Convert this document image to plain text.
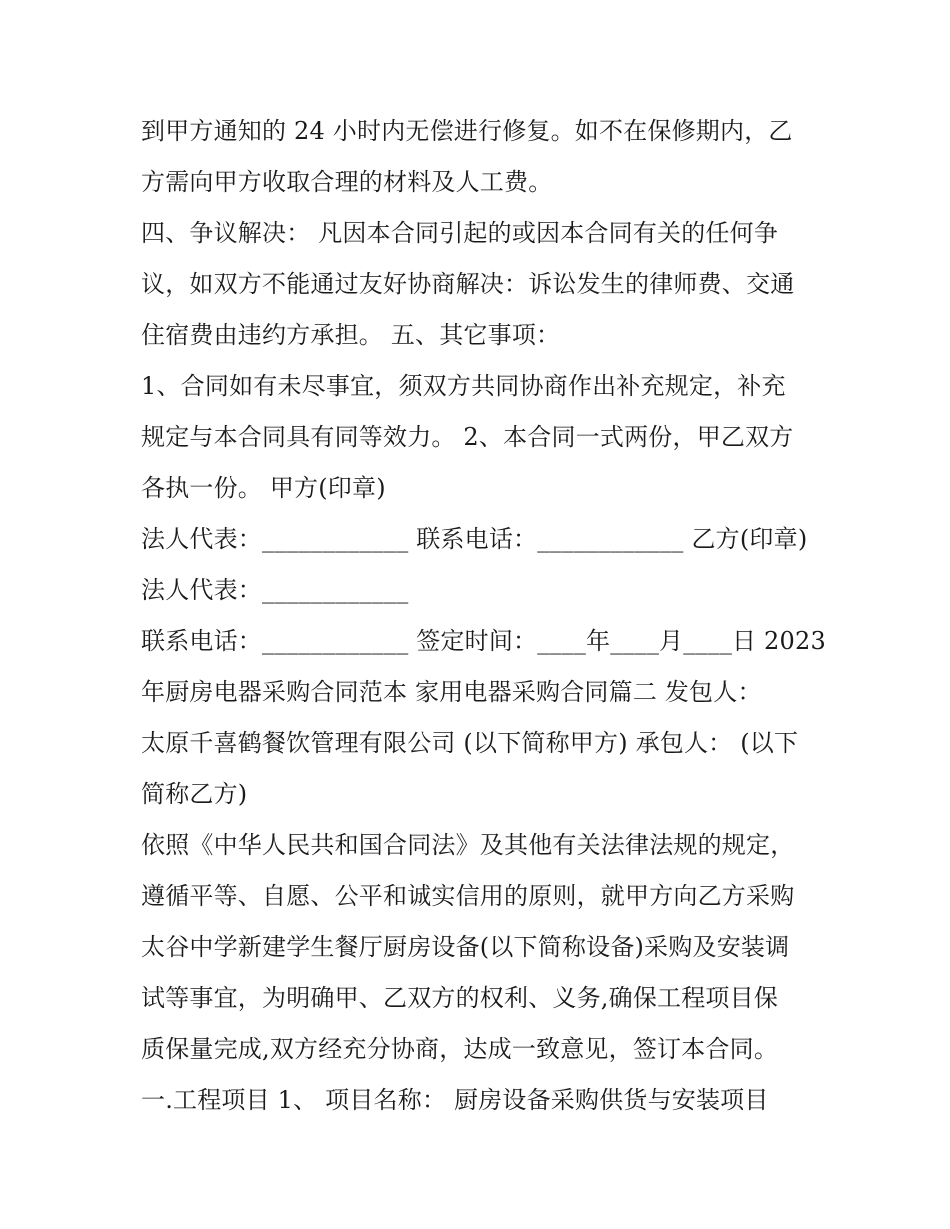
到甲方通知的 24 小时内无偿进行修复。如不在保修期内，乙
方需向甲方收取合理的材料及人工费。
四、争议解决： 凡因本合同引起的或因本合同有关的任何争
议，如双方不能通过友好协商解决：诉讼发生的律师费、交通
住宿费由违约方承担。 五、其它事项：
1、合同如有未尽事宜，须双方共同协商作出补充规定，补充
规定与本合同具有同等效力。 2、本合同一式两份，甲乙双方
各执一份。 甲方(印章)
法人代表：____________ 联系电话：____________ 乙方(印章)
法人代表：____________
联系电话：____________ 签定时间：____年____月____日 2023
年厨房电器采购合同范本 家用电器采购合同篇二 发包人：
太原千喜鹤餐饮管理有限公司 (以下简称甲方) 承包人： (以下
简称乙方)
依照《中华人民共和国合同法》及其他有关法律法规的规定，
遵循平等、自愿、公平和诚实信用的原则，就甲方向乙方采购
太谷中学新建学生餐厅厨房设备(以下简称设备)采购及安装调
试等事宜，为明确甲、乙双方的权利、义务,确保工程项目保
质保量完成,双方经充分协商，达成一致意见，签订本合同。
一.工程项目 1、 项目名称： 厨房设备采购供货与安装项目
